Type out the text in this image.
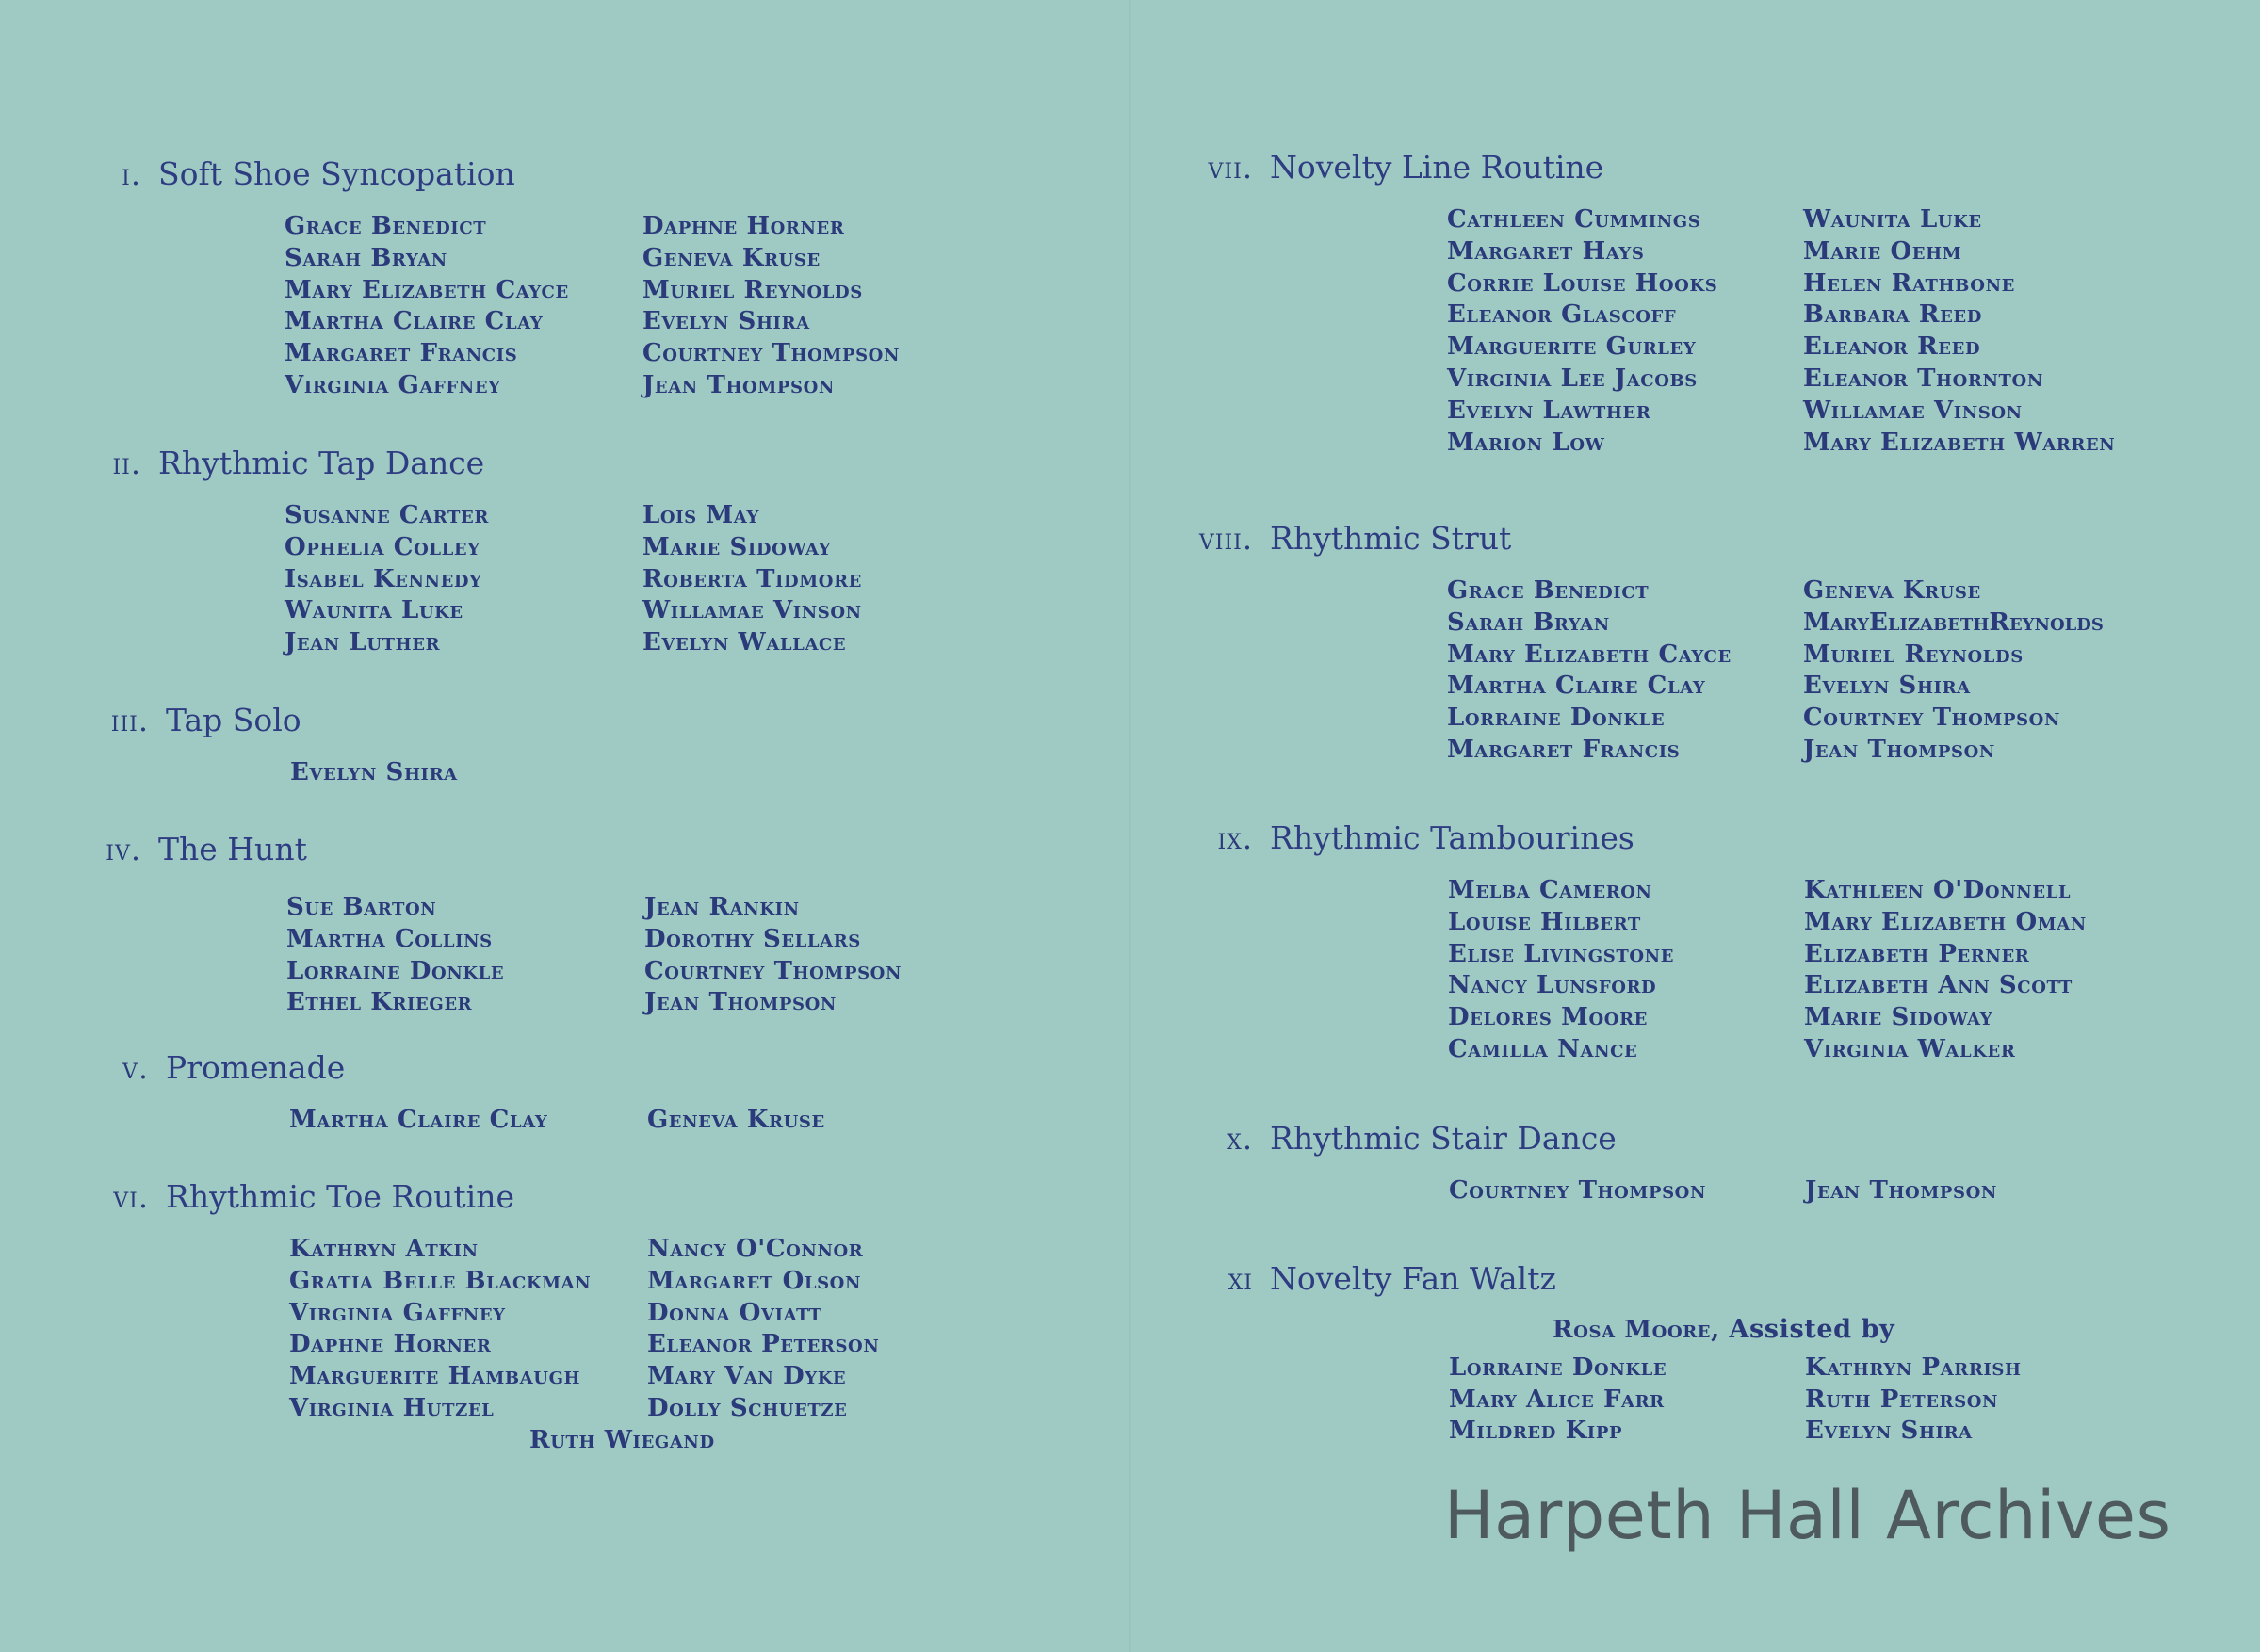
i. Soft Shoe Syncopation
Grace Benedict
Sarah Bryan
Mary Elizabeth Cayce
Martha Claire Clay
Margaret Francis
Virginia Gaffney
Daphne Horner
Geneva Kruse
Muriel Reynolds
Evelyn Shira
Courtney Thompson
Jean Thompson
ii. Rhythmic Tap Dance
Susanne Carter
Ophelia Colley
Isabel Kennedy
Waunita Luke
Jean Luther
Lois May
Marie Sidoway
Roberta Tidmore
Willamae Vinson
Evelyn Wallace
iii. Tap Solo
Evelyn Shira
iv. The Hunt
Sue Barton
Martha Collins
Lorraine Donkle
Ethel Krieger
Jean Rankin
Dorothy Sellars
Courtney Thompson
Jean Thompson
v. Promenade
Martha Claire Clay	Geneva Kruse
vi. Rhythmic Toe Routine
Kathryn Atkin
Gratia Belle Blackman
Virginia Gaffney
Daphne Horner
Marguerite Hambaugh
Virginia Hutzel
Nancy O'Connor
Margaret Olson
Donna Oviatt
Eleanor Peterson
Mary Van Dyke
Dolly Schuetze
Ruth Wiegand
vii. Novelty Line Routine
Cathleen Cummings
Margaret Hays
Corrie Louise Hooks
Eleanor Glascoff
Marguerite Gurley
Virginia Lee Jacobs
Evelyn Lawther
Marion Low
Waunita Luke
Marie Oehm
Helen Rathbone
Barbara Reed
Eleanor Reed
Eleanor Thornton
Willamae Vinson
Mary Elizabeth Warren
viii. Rhythmic Strut
Grace Benedict
Sarah Bryan
Mary Elizabeth Cayce
Martha Claire Clay
Lorraine Donkle
Margaret Francis
Geneva Kruse
MaryElizabethReynolds
Muriel Reynolds
Evelyn Shira
Courtney Thompson
Jean Thompson
ix. Rhythmic Tambourines
Melba Cameron
Louise Hilbert
Elise Livingstone
Nancy Lunsford
Delores Moore
Camilla Nance
Kathleen O'Donnell
Mary Elizabeth Oman
Elizabeth Perner
Elizabeth Ann Scott
Marie Sidoway
Virginia Walker
x. Rhythmic Stair Dance
Courtney Thompson	Jean Thompson
xi Novelty Fan Waltz
Rosa Moore, Assisted by
Lorraine Donkle
Mary Alice Farr
Mildred Kipp
Kathryn Parrish
Ruth Peterson
Evelyn Shira
Harpeth Hall Archives
